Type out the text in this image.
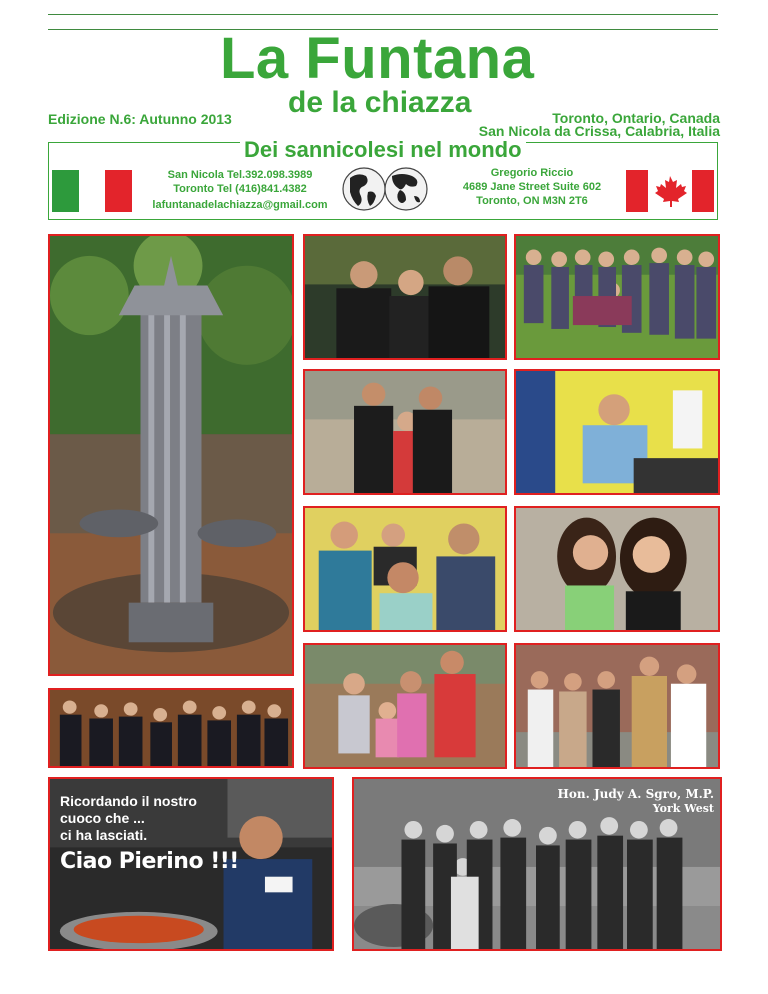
La Funtana
de la chiazza
Edizione N.6: Autunno 2013	Toronto, Ontario, Canada
San Nicola da Crissa, Calabria, Italia
Dei sannicolesi nel mondo
San Nicola Tel.392.098.3989
Toronto Tel (416)841.4382
lafuntanadelachiazza@gmail.com
Gregorio Riccio
4689 Jane Street Suite 602
Toronto, ON M3N 2T6
Ricordando il nostro
cuoco che ...
ci ha lasciati.
Ciao Pierino !!!
Hon. Judy A. Sgro, M.P.
York West
